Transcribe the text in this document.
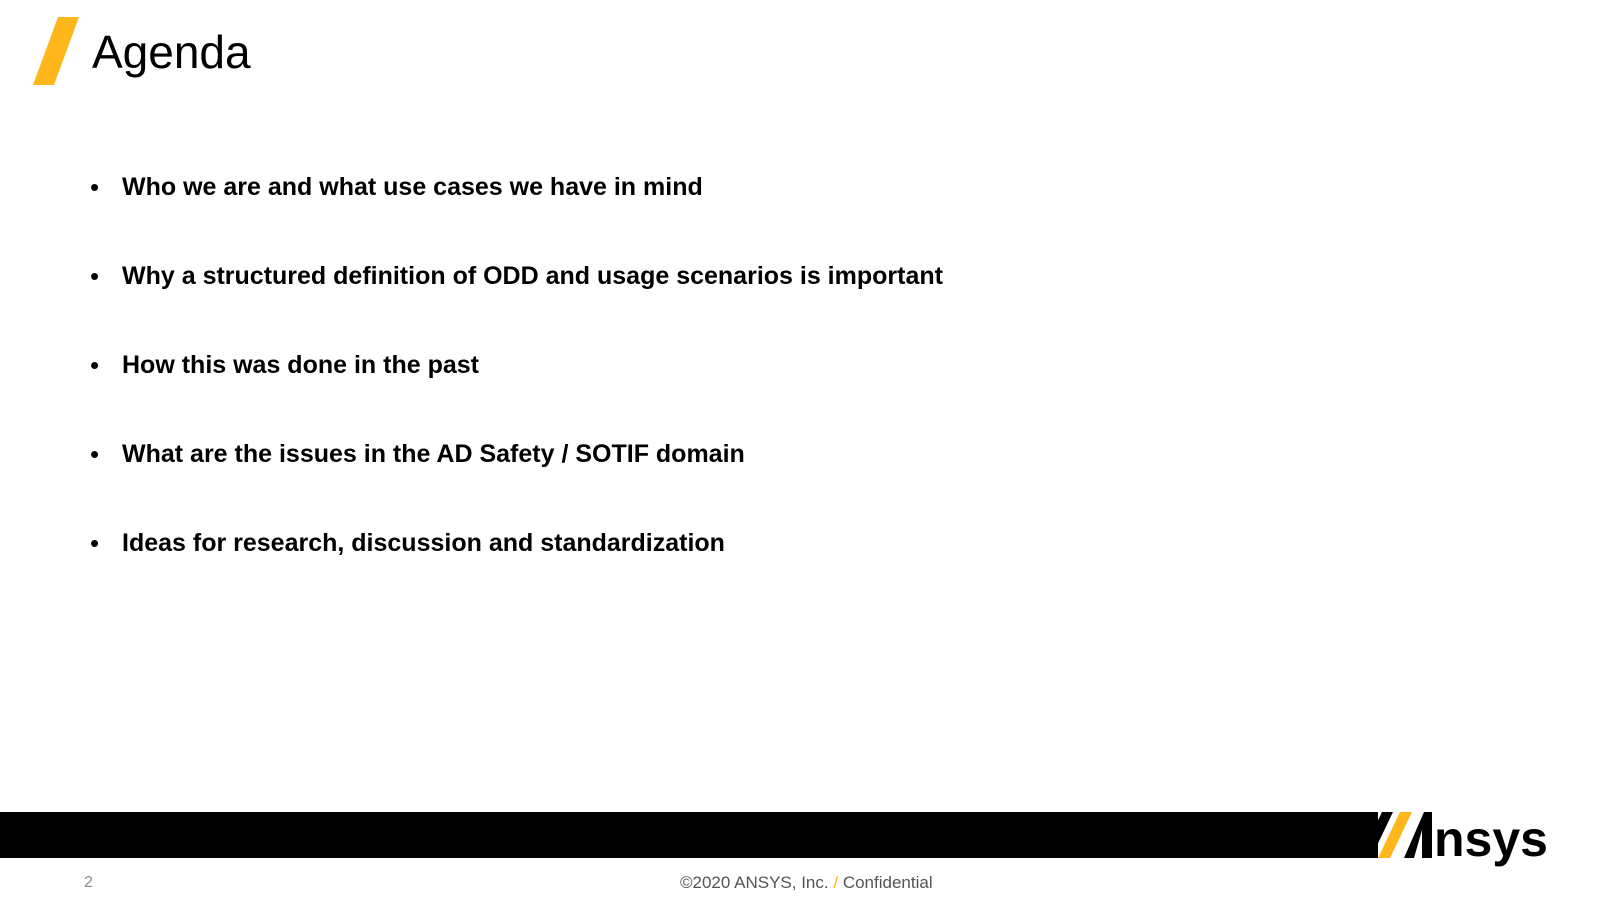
Agenda
• Who we are and what use cases we have in mind
• Why a structured definition of ODD and usage scenarios is important
• How this was done in the past
• What are the issues in the AD Safety / SOTIF domain
• Ideas for research, discussion and standardization
nsys
2	©2020 ANSYS, Inc. / Confidential
